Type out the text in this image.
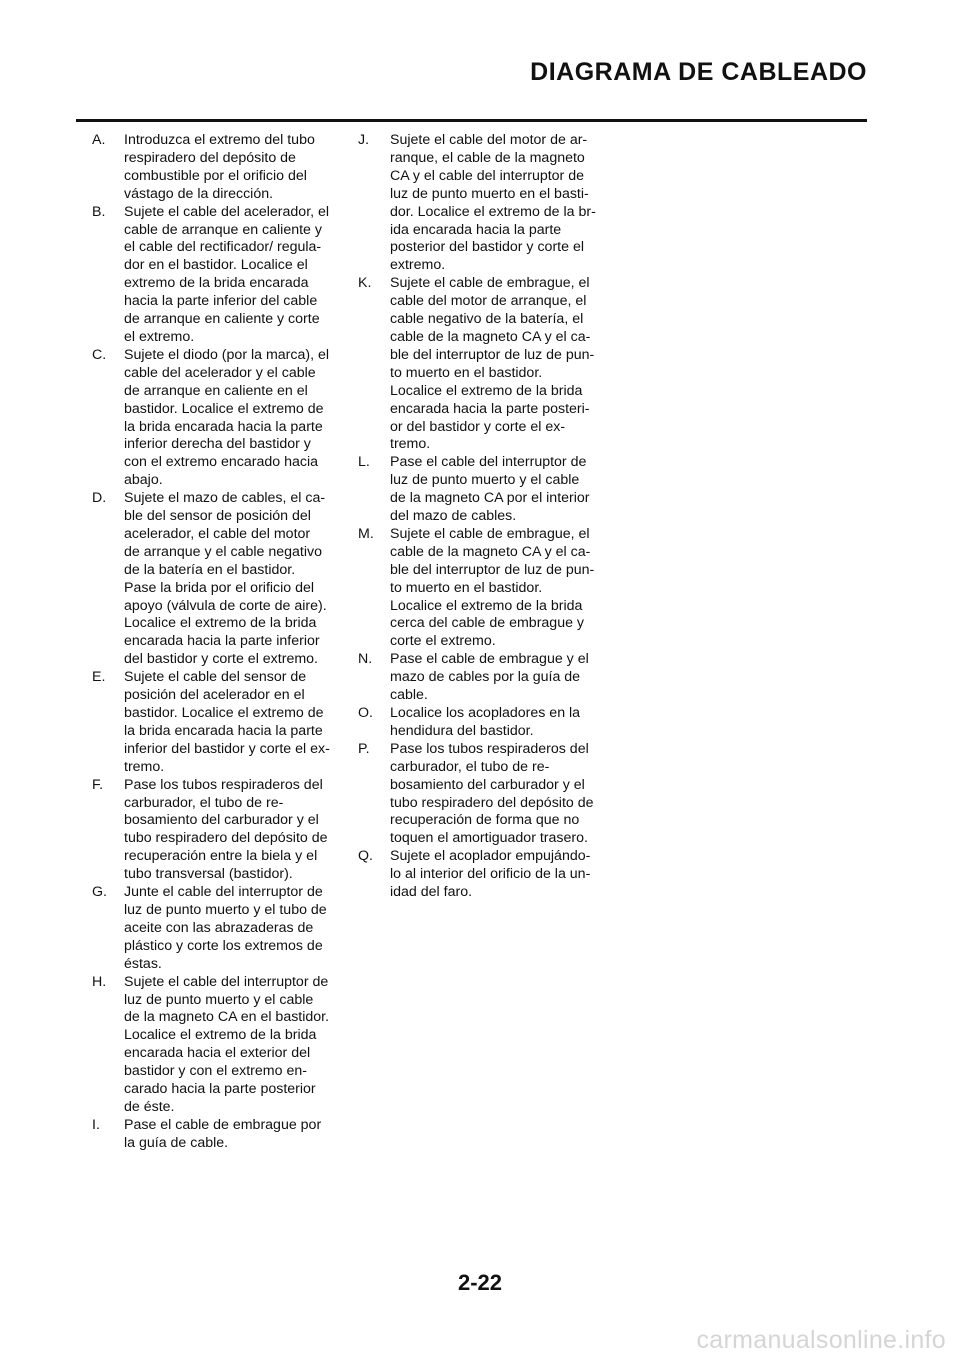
DIAGRAMA DE CABLEADO
A.	Introduzca el extremo del tubo
respiradero del depósito de
combustible por el orificio del
vástago de la dirección.
B.	Sujete el cable del acelerador, el
cable de arranque en caliente y
el cable del rectificador/ regula-
dor en el bastidor. Localice el
extremo de la brida encarada
hacia la parte inferior del cable
de arranque en caliente y corte
el extremo.
C.	Sujete el diodo (por la marca), el
cable del acelerador y el cable
de arranque en caliente en el
bastidor. Localice el extremo de
la brida encarada hacia la parte
inferior derecha del bastidor y
con el extremo encarado hacia
abajo.
D.	Sujete el mazo de cables, el ca-
ble del sensor de posición del
acelerador, el cable del motor
de arranque y el cable negativo
de la batería en el bastidor.
Pase la brida por el orificio del
apoyo (válvula de corte de aire).
Localice el extremo de la brida
encarada hacia la parte inferior
del bastidor y corte el extremo.
E.	Sujete el cable del sensor de
posición del acelerador en el
bastidor. Localice el extremo de
la brida encarada hacia la parte
inferior del bastidor y corte el ex-
tremo.
F.	Pase los tubos respiraderos del
carburador, el tubo de re-
bosamiento del carburador y el
tubo respiradero del depósito de
recuperación entre la biela y el
tubo transversal (bastidor).
G.	Junte el cable del interruptor de
luz de punto muerto y el tubo de
aceite con las abrazaderas de
plástico y corte los extremos de
éstas.
H.	Sujete el cable del interruptor de
luz de punto muerto y el cable
de la magneto CA en el bastidor.
Localice el extremo de la brida
encarada hacia el exterior del
bastidor y con el extremo en-
carado hacia la parte posterior
de éste.
I.	Pase el cable de embrague por
la guía de cable.
J.	Sujete el cable del motor de ar-
ranque, el cable de la magneto
CA y el cable del interruptor de
luz de punto muerto en el basti-
dor. Localice el extremo de la br-
ida encarada hacia la parte
posterior del bastidor y corte el
extremo.
K.	Sujete el cable de embrague, el
cable del motor de arranque, el
cable negativo de la batería, el
cable de la magneto CA y el ca-
ble del interruptor de luz de pun-
to muerto en el bastidor.
Localice el extremo de la brida
encarada hacia la parte posteri-
or del bastidor y corte el ex-
tremo.
L.	Pase el cable del interruptor de
luz de punto muerto y el cable
de la magneto CA por el interior
del mazo de cables.
M.	Sujete el cable de embrague, el
cable de la magneto CA y el ca-
ble del interruptor de luz de pun-
to muerto en el bastidor.
Localice el extremo de la brida
cerca del cable de embrague y
corte el extremo.
N.	Pase el cable de embrague y el
mazo de cables por la guía de
cable.
O.	Localice los acopladores en la
hendidura del bastidor.
P.	Pase los tubos respiraderos del
carburador, el tubo de re-
bosamiento del carburador y el
tubo respiradero del depósito de
recuperación de forma que no
toquen el amortiguador trasero.
Q.	Sujete el acoplador empujándo-
lo al interior del orificio de la un-
idad del faro.
2-22
carmanualsonline.info
